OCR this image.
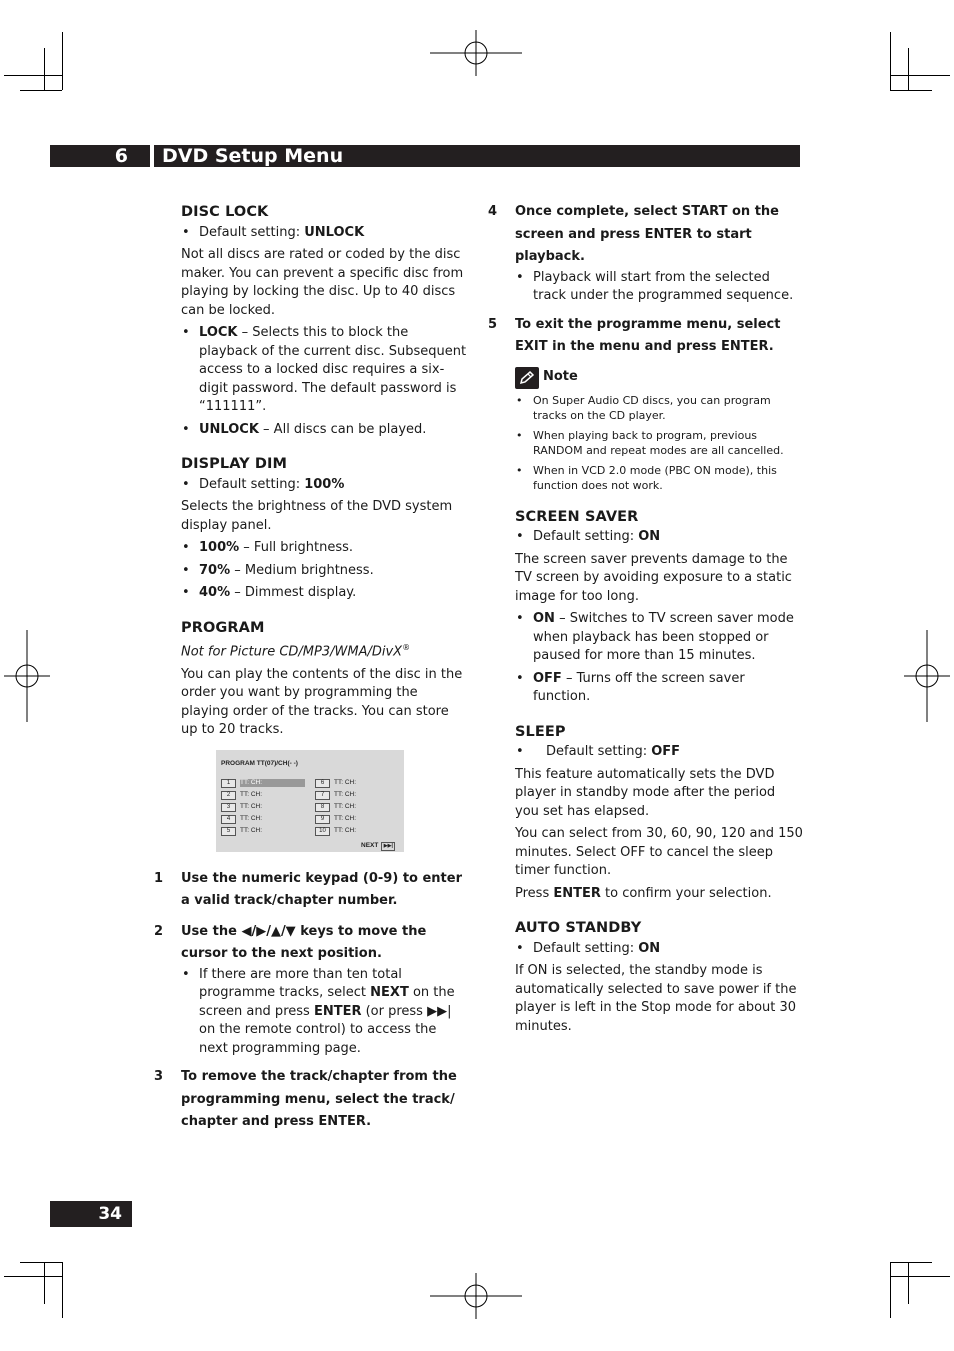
6 DVD Setup Menu
DISC LOCK
• Default setting: UNLOCK

Not all discs are rated or coded by the disc maker. You can prevent a specific disc from playing by locking the disc. Up to 40 discs can be locked.

• LOCK – Selects this to block the playback of the current disc. Subsequent access to a locked disc requires a six-digit password. The default password is “111111”.
• UNLOCK – All discs can be played.
DISPLAY DIM
• Default setting: 100%

Selects the brightness of the DVD system display panel.

• 100% – Full brightness.
• 70% – Medium brightness.
• 40% – Dimmest display.
PROGRAM

Not for Picture CD/MP3/WMA/DivX®

You can play the contents of the disc in the order you want by programming the playing order of the tracks. You can store up to 20 tracks.

PROGRAM TT(07)/CH(- -)
1	TT: CH:
2	TT: CH:
3	TT: CH:
4	TT: CH:
5	TT: CH:
6	TT: CH:
7	TT: CH:
8	TT: CH:
9	TT: CH:
10	TT: CH:
NEXT	▶▶|
1 Use the numeric keypad (0-9) to enter a valid track/chapter number.
2 Use the ◀/▶/▲/▼ keys to move the cursor to the next position.
• If there are more than ten total programme tracks, select NEXT on the screen and press ENTER (or press ▶▶| on the remote control) to access the next programming page.
3 To remove the track/chapter from the programming menu, select the track/ chapter and press ENTER.
4 Once complete, select START on the screen and press ENTER to start playback.
• Playback will start from the selected track under the programmed sequence.
5 To exit the programme menu, select EXIT in the menu and press ENTER.
Note
• On Super Audio CD discs, you can program tracks on the CD player.
• When playing back to program, previous RANDOM and repeat modes are all cancelled.
• When in VCD 2.0 mode (PBC ON mode), this function does not work.
SCREEN SAVER
• Default setting: ON

The screen saver prevents damage to the TV screen by avoiding exposure to a static image for too long.

• ON – Switches to TV screen saver mode when playback has been stopped or paused for more than 15 minutes.
• OFF – Turns off the screen saver function.
SLEEP
• Default setting: OFF

This feature automatically sets the DVD player in standby mode after the period you set has elapsed.

You can select from 30, 60, 90, 120 and 150 minutes. Select OFF to cancel the sleep timer function.

Press ENTER to confirm your selection.

AUTO STANDBY
• Default setting: ON

If ON is selected, the standby mode is automatically selected to save power if the player is left in the Stop mode for about 30 minutes.

34
